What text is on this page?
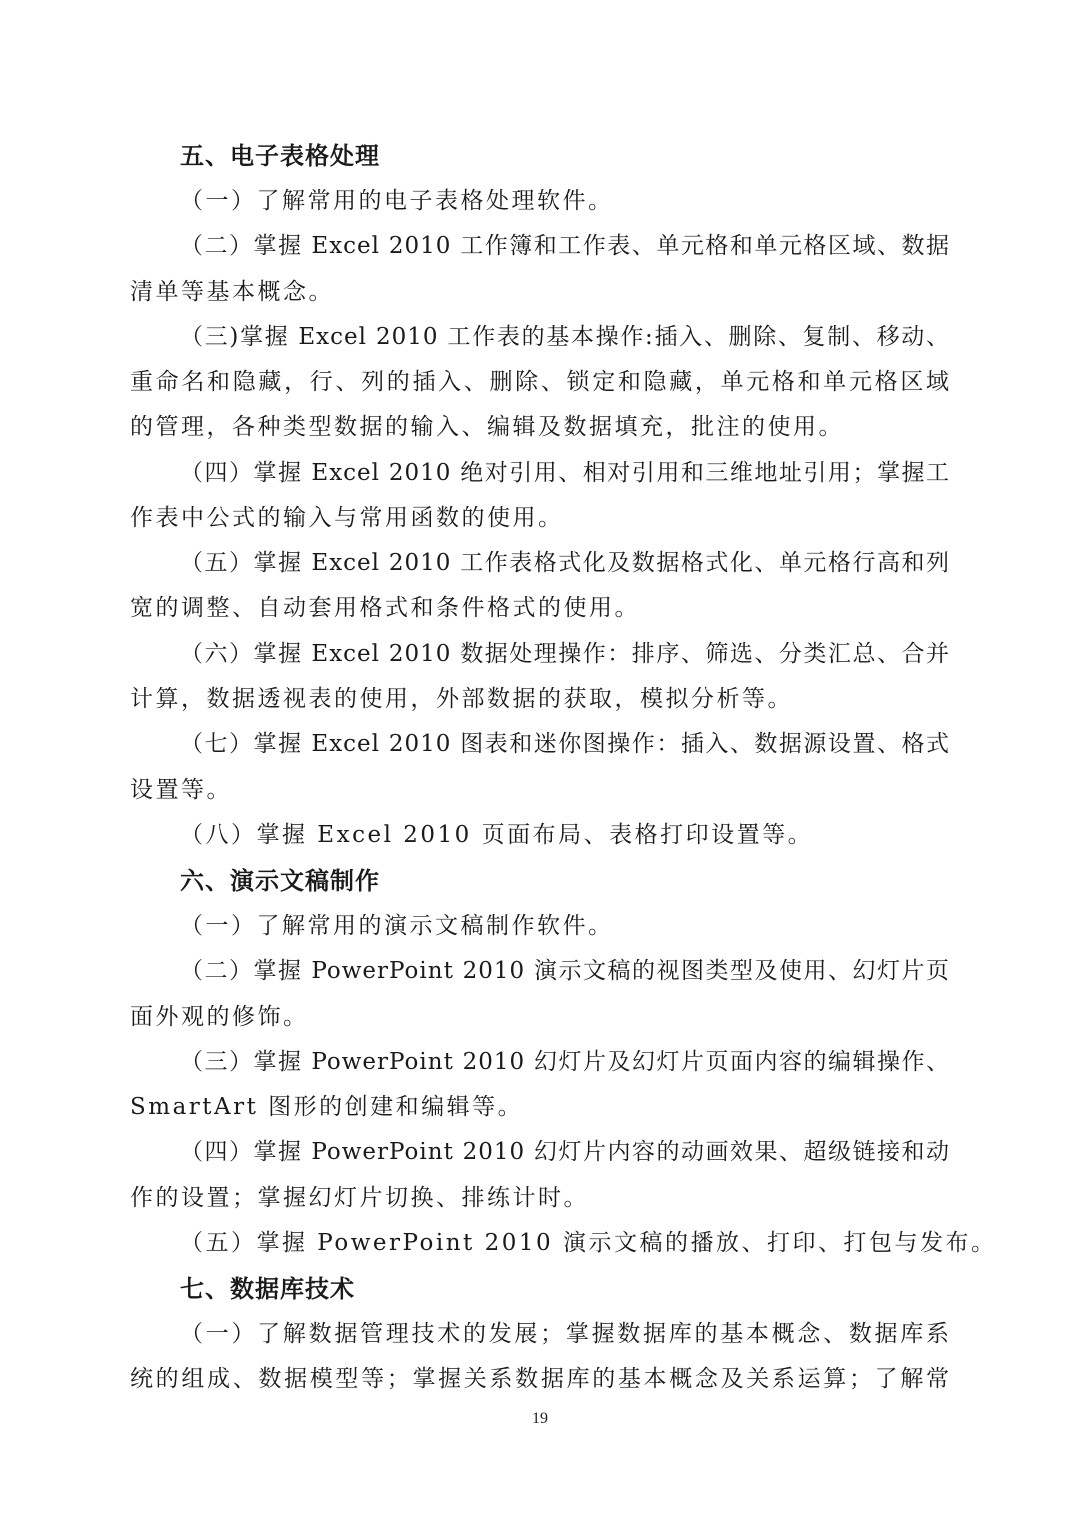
五、电子表格处理
（一）了解常用的电子表格处理软件。
（二）掌握 Excel 2010 工作簿和工作表、单元格和单元格区域、数据
清单等基本概念。
（三)掌握 Excel 2010 工作表的基本操作:插入、删除、复制、移动、
重命名和隐藏，行、列的插入、删除、锁定和隐藏，单元格和单元格区域
的管理，各种类型数据的输入、编辑及数据填充，批注的使用。
（四）掌握 Excel 2010 绝对引用、相对引用和三维地址引用；掌握工
作表中公式的输入与常用函数的使用。
（五）掌握 Excel 2010 工作表格式化及数据格式化、单元格行高和列
宽的调整、自动套用格式和条件格式的使用。
（六）掌握 Excel 2010 数据处理操作：排序、筛选、分类汇总、合并
计算，数据透视表的使用，外部数据的获取，模拟分析等。
（七）掌握 Excel 2010 图表和迷你图操作：插入、数据源设置、格式
设置等。
（八）掌握 Excel 2010 页面布局、表格打印设置等。
六、演示文稿制作
（一）了解常用的演示文稿制作软件。
（二）掌握 PowerPoint 2010 演示文稿的视图类型及使用、幻灯片页
面外观的修饰。
（三）掌握 PowerPoint 2010 幻灯片及幻灯片页面内容的编辑操作、
SmartArt 图形的创建和编辑等。
（四）掌握 PowerPoint 2010 幻灯片内容的动画效果、超级链接和动
作的设置；掌握幻灯片切换、排练计时。
（五）掌握 PowerPoint 2010 演示文稿的播放、打印、打包与发布。
七、数据库技术
（一）了解数据管理技术的发展；掌握数据库的基本概念、数据库系
统的组成、数据模型等；掌握关系数据库的基本概念及关系运算；了解常
19
